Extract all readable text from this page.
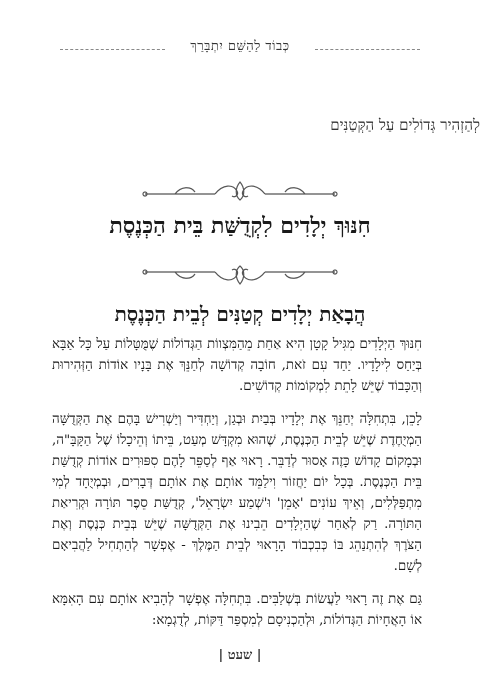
כְּבוֹד לַהַשֵּׁם יִתְבָּרַךְ
לְהַזְהִיר גְּדוֹלִים עַל הַקְּטַנִּים
חִנּוּךְ יְלָדִים לִקְדֻשַּׁת בֵּית הַכְּנֶסֶת
הֲבָאַת יְלָדִים קְטַנִּים לְבֵית הַכְּנֶסֶת

חִנּוּךְ הַיְלָדִים מִגִּיל קָטָן הִיא אַחַת מֵהַמִּצְווֹת הַגְּדוֹלוֹת שֶׁמֻּטָּלוֹת עַל כָּל אַבָּא בְּיַחַס לִילָדָיו. יַחַד עִם זֹאת, חוֹבָה קְדוֹשָׁה לְחַנֵּךְ אֶת בָּנָיו אוֹדוֹת הַזְּהִירוּת וְהַכָּבוֹד שֶׁיֵּשׁ לָתֵת לִמְקוֹמוֹת קְדוֹשִׁים.

לָכֵן, בִּתְחִלָּה יְחַנֵּךְ אֶת יְלָדָיו בְּבַיִת וּבְגַן, וְיַחְדִּיר וְיַשְׁרִישׁ בָּהֶם אֶת הַקְּדֻשָּׁה הַמְיֻחֶדֶת שֶׁיֵּשׁ לְבֵית הַכְּנֶסֶת, שֶׁהוּא מִקְדָּשׁ מְעַט, בֵּיתוֹ וְהֵיכָלוֹ שֶׁל הַקָּבָּ"ה, וּבְמָקוֹם קָדוֹשׁ כָּזֶה אָסוּר לְדַבֵּר. רָאוּי אַף לְסַפֵּר לָהֶם סִפּוּרִים אוֹדוֹת קְדֻשַּׁת בֵּית הַכְּנֶסֶת. בְּכָל יוֹם יַחֲזוֹר וִילַמֵּד אוֹתָם אֶת אוֹתָם דְּבָרִים, וּבְמְיֻחָד לְמִי מִתְפַּלְּלִים, וְאֵיךְ עוֹנִים 'אָמֵן' וּ'שְׁמַע יִשְׂרָאֵל', קְדֻשַּׁת סֵפֶר תּוֹרָה וּקְרִיאַת הַתּוֹרָה. רַק לְאַחַר שֶׁהַיְלָדִים הֵבִינוּ אֶת הַקְּדֻשָּׁה שֶׁיֵּשׁ בְּבֵית כְּנֶסֶת וְאֶת הַצֹּרֶךְ לְהִתְנַהֵג בּוֹ כְּבִכְבוֹד הָרָאוּי לְבֵית הַמֶּלֶךְ - אֶפְשָׁר לְהַתְחִיל לַהֲבִיאָם לְשָׁם.

גַּם אֶת זֶה רָאוּי לַעֲשׂוֹת בְּשְׁלַבִּים. בִּתְחִלָּה אֶפְשָׁר לְהָבִיא אוֹתָם עִם הָאִמָּא אוֹ הָאֲחָיוֹת הַגְּדוֹלוֹת, וּלְהַכְנִיסָם לְמִסְפַּר דַּקּוֹת, לְדֻגְמָא:

| שעט |
